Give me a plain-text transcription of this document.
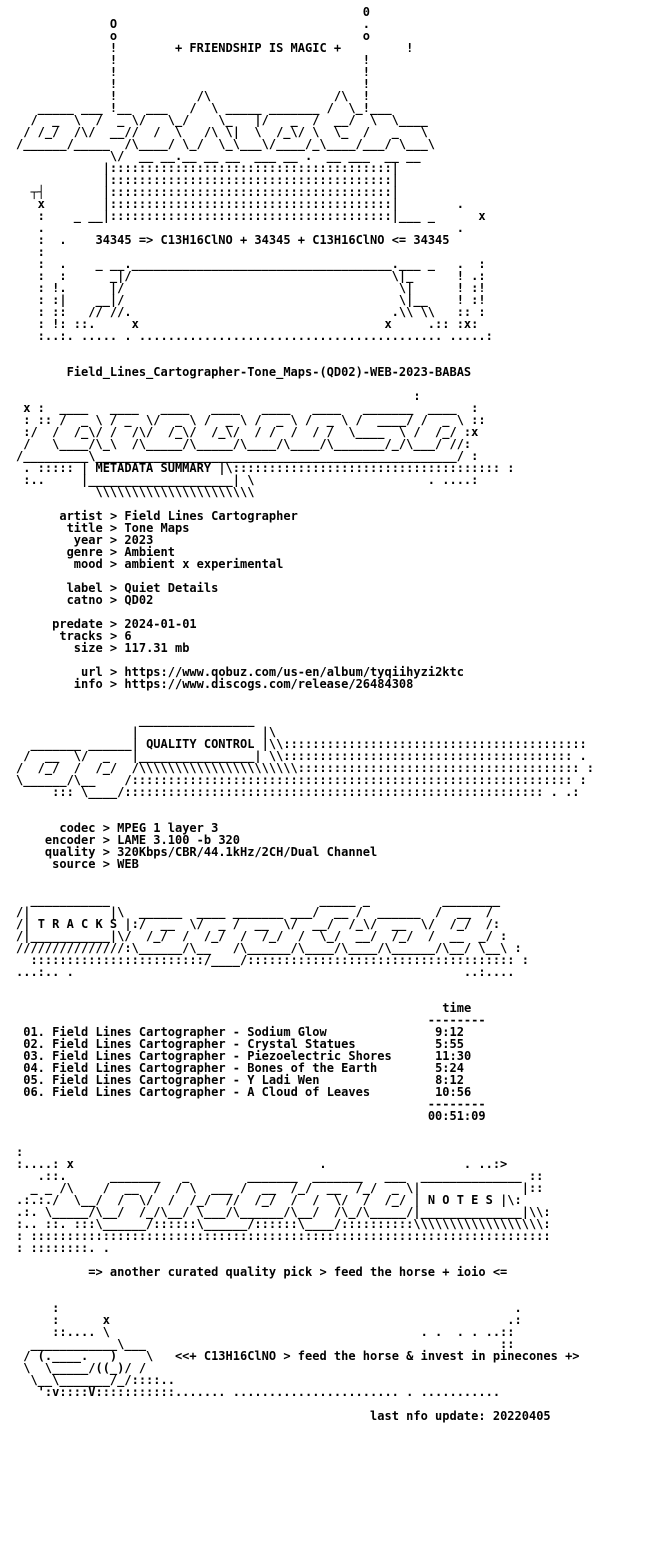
0
O                                  .
o                                  o
!	+ FRIENDSHIP IS MAGIC +	!
!                                  !
!                                  !
!                                  !
!           /\                 /\  !
_____ ___ !__  ___   /  \ _____ _______ /  \_!___
/  _  \  /  _ \/   \_/    \_   |/   _  /  __/  \  \____
/ /_/  /\/  __//  /  \   /\ \|  \  /_\/ \  \_  /   _   \
/______/_____  /\____/ \_/  \_\___\/____/_\____/___/ \___\
\/  __ __.__ __ __  ___ __ .  __ ___  __ __
|:::::::::::::::::::::::::::::::::::::::|
|:::::::::::::::::::::::::::::::::::::::|
┬┤        |:::::::::::::::::::::::::::::::::::::::|
x        |:::::::::::::::::::::::::::::::::::::::|        .
:    _ __|:::::::::::::::::::::::::::::::::::::::|___ _      x
.                                                         .
:  .    34345 => C13H16ClNO + 34345 + C13H16ClNO <= 34345
:
:  .    _ __.____________________________________.___ _   .  :
:  :      _|/                                    \|_      ! .:
: !.      |/                                      \|      ! :!
: :|    __|/                                      \|__    ! :!
: ::   // //.                                    .\\ \\   :: :
: !: ::.     x                                  x     .:: :x:
:..:. ..... . .......................................... .....:

Field_Lines_Cartographer-Tone_Maps-(QD02)-WEB-2023-BABAS

:
x :  ____   ____   ____   ____   ____   ____   _______  ____  :
: :: /  _ \ / _  \/  _ \ /  _ \ /  _ \ /  _ \ /  ____/ /  _ \ ::
:/  /  /_\/ /  /\/  /_\/  /_\/  / /  /  / /  \____  \ /  /_/ :x
/   \____/\_\  /\_____/\_____/\____/\____/\_______/_/\___/ //:
/_________\__________________________________________________/ :
. ::::: | METADATA SUMMARY |\::::::::::::::::::::::::::::::::::::: :
:..     |____________________| \                        . ....:
\\\\\\\\\\\\\\\\\\\\\\

artist > Field Lines Cartographer
title > Tone Maps
year > 2023
genre > Ambient
mood > ambient x experimental

label > Quiet Details
catno > QD02

predate > 2024-01-01
tracks > 6
size > 117.31 mb

url > https://www.qobuz.com/us-en/album/tyqiihyzi2ktc
info > https://www.discogs.com/release/26484308

________________
|                 |\
_______ ______| QUALITY CONTROL |\\::::::::::::::::::::::::::::::::::::::::::
/  __  \/  _   |________________| \\:::::::::::::::::::::::::::::::::::::::: .
/  /_/  /  /_/  /\\\\\\\\\\\\\\\\\\\\\\::::::::::::::::::::::::::::::::::::::: :
\______/\__    /::::::::::::::::::::::::::::::::::::::::::::::::::::::::::::: :
::: \____/:::::::::::::::::::::::::::::::::::::::::::::::::::::::::: . .:

codec > MPEG 1 layer 3
encoder > LAME 3.100 -b 320
quality > 320Kbps/CBR/44.1kHz/2CH/Dual Channel
source > WEB

___________                             _____ _          ________
/|           |\  ______  ____ _______ ___/  __ /  ______  /  __  /
/| T R A C K S |:/  __  \/  _ /  __  \/  __/  /_\/  __  \/  /_/  /:
/|___________|\/  /_/  /  /_/  /  /_/  /  \_/  __/  /_/  /  __  _/ :
///////////////:\______/\__   /\______/\____/\____/\______/\__/ \__\ :
::::::::::::::::::::::::/____/::::::::::::::::::::::::::::::::::::: :
...:.. .                                                      ..:....

time
--------
01. Field Lines Cartographer - Sodium Glow	9:12
02. Field Lines Cartographer - Crystal Statues	5:55
03. Field Lines Cartographer - Piezoelectric Shores	11:30
04. Field Lines Cartographer - Bones of the Earth	5:24
05. Field Lines Cartographer - Y Ladi Wen	8:12
06. Field Lines Cartographer - A Cloud of Leaves	10:56
--------
00:51:09

:
:....: x                                  .                   . ..:>
.::.      _______   _        _______  _______   ___  ______________ ::
_ _ /\    /  __  /  / \  ___ /  __  /_/  __  /_/  _ \|              |::
.:.:./  \__/  /  \/  /  /_/  //  /_/  /  /  \/  /  /_/ | N O T E S |\:
.:. \_____/\__/  /_/\__/ \___/\______/\__/  /\_/\_____/|______________|\\:
:.. ::. :::\______/::::::\______/::::::\____/::::::::::\\\\\\\\\\\\\\\\\\:
: ::::::::::::::::::::::::::::::::::::::::::::::::::::::::::::::::::::::::
: ::::::::. .

=> another curated quality pick > feed the horse + ioio <=

:                                                               .
:      x                                                       .:
::.... \                                           . .  . . ..::
____________\___                                                 ::
/ (.____.   )    \   <<+ C13H16ClNO > feed the horse & invest in pinecones +>
\  \_____/((_)/ /
\__\_______/_/::::..
':v::::V:::::::::::....... ....................... . ...........

last nfo update: 20220405
